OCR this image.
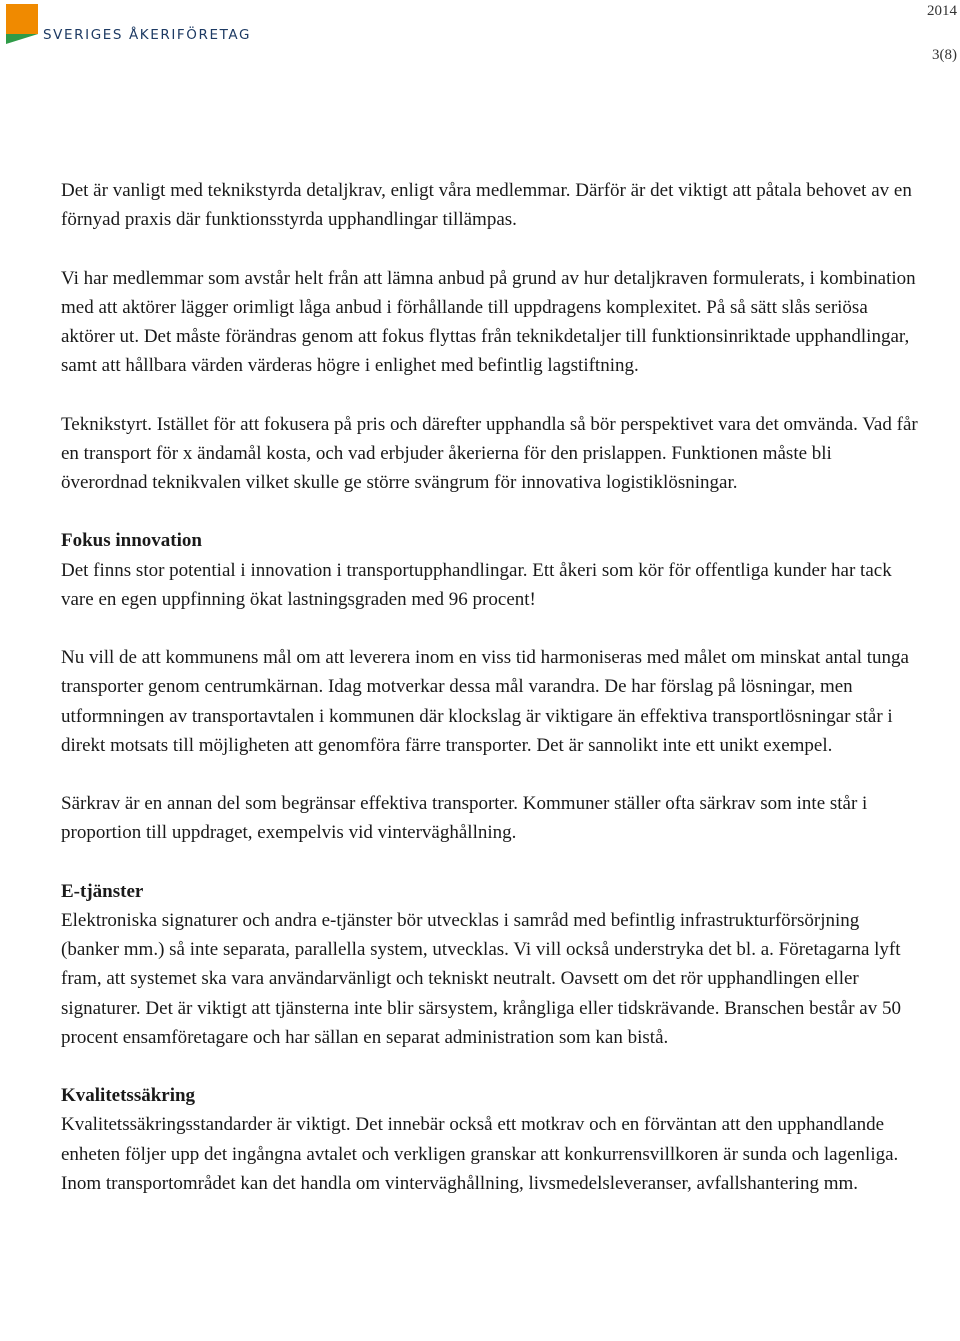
SVERIGES ÅKERIFÖRETAG
2014
3(8)

Det är vanligt med teknikstyrda detaljkrav, enligt våra medlemmar. Därför är det viktigt att påtala behovet av en förnyad praxis där funktionsstyrda upphandlingar tillämpas.

Vi har medlemmar som avstår helt från att lämna anbud på grund av hur detaljkraven formulerats, i kombination med att aktörer lägger orimligt låga anbud i förhållande till uppdragens komplexitet. På så sätt slås seriösa aktörer ut. Det måste förändras genom att fokus flyttas från teknikdetaljer till funktionsinriktade upphandlingar, samt att hållbara värden värderas högre i enlighet med befintlig lagstiftning.

Teknikstyrt. Istället för att fokusera på pris och därefter upphandla så bör perspektivet vara det omvända. Vad får en transport för x ändamål kosta, och vad erbjuder åkerierna för den prislappen. Funktionen måste bli överordnad teknikvalen vilket skulle ge större svängrum för innovativa logistiklösningar.

Fokus innovation
Det finns stor potential i innovation i transportupphandlingar. Ett åkeri som kör för offentliga kunder har tack vare en egen uppfinning ökat lastningsgraden med 96 procent!

Nu vill de att kommunens mål om att leverera inom en viss tid harmoniseras med målet om minskat antal tunga transporter genom centrumkärnan. Idag motverkar dessa mål varandra. De har förslag på lösningar, men utformningen av transportavtalen i kommunen där klockslag är viktigare än effektiva transportlösningar står i direkt motsats till möjligheten att genomföra färre transporter. Det är sannolikt inte ett unikt exempel.

Särkrav är en annan del som begränsar effektiva transporter. Kommuner ställer ofta särkrav som inte står i proportion till uppdraget, exempelvis vid vinterväghållning.

E-tjänster
Elektroniska signaturer och andra e-tjänster bör utvecklas i samråd med befintlig infrastrukturförsörjning (banker mm.) så inte separata, parallella system, utvecklas. Vi vill också understryka det bl. a. Företagarna lyft fram, att systemet ska vara användarvänligt och tekniskt neutralt. Oavsett om det rör upphandlingen eller signaturer. Det är viktigt att tjänsterna inte blir särsystem, krångliga eller tidskrävande. Branschen består av 50 procent ensamföretagare och har sällan en separat administration som kan bistå.
Kvalitetssäkring
Kvalitetssäkringsstandarder är viktigt. Det innebär också ett motkrav och en förväntan att den upphandlande enheten följer upp det ingångna avtalet och verkligen granskar att konkurrensvillkoren är sunda och lagenliga. Inom transportområdet kan det handla om vinterväghållning, livsmedelsleveranser, avfallshantering mm.
